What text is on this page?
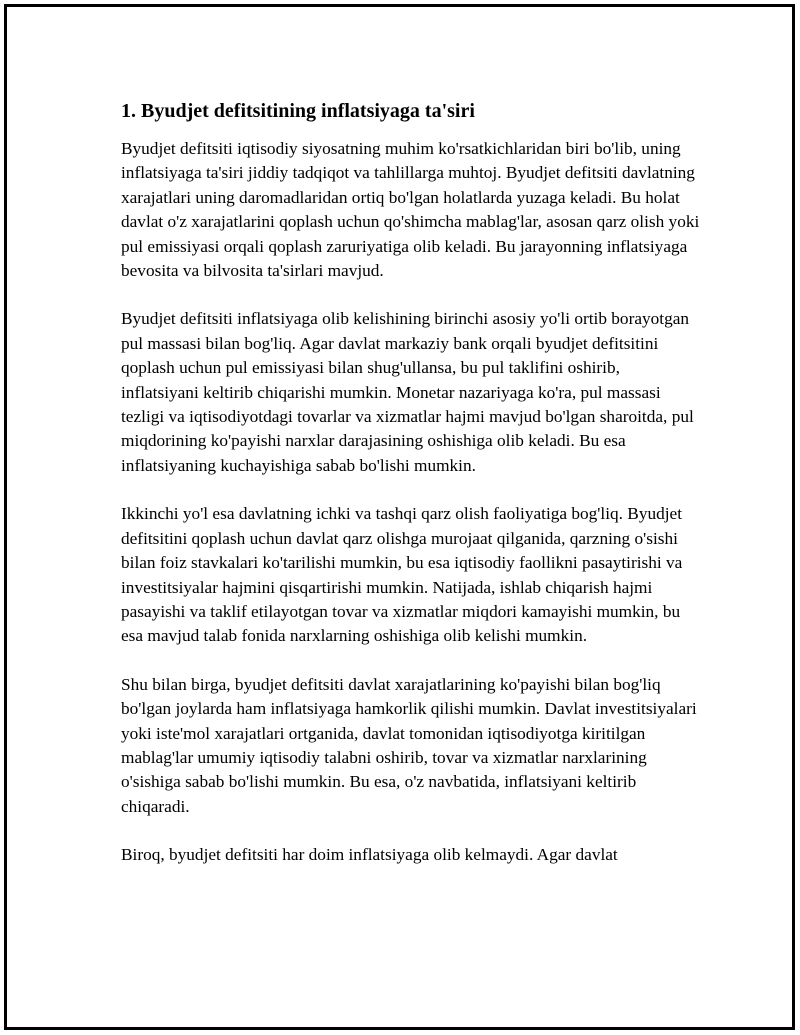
1. Byudjet defitsitining inflatsiyaga ta'siri

Byudjet defitsiti iqtisodiy siyosatning muhim ko'rsatkichlaridan biri bo'lib, uning inflatsiyaga ta'siri jiddiy tadqiqot va tahlillarga muhtoj. Byudjet defitsiti davlatning xarajatlari uning daromadlaridan ortiq bo'lgan holatlarda yuzaga keladi. Bu holat davlat o'z xarajatlarini qoplash uchun qo'shimcha mablag'lar, asosan qarz olish yoki pul emissiyasi orqali qoplash zaruriyatiga olib keladi. Bu jarayonning inflatsiyaga bevosita va bilvosita ta'sirlari mavjud.

Byudjet defitsiti inflatsiyaga olib kelishining birinchi asosiy yo'li ortib borayotgan pul massasi bilan bog'liq. Agar davlat markaziy bank orqali byudjet defitsitini qoplash uchun pul emissiyasi bilan shug'ullansa, bu pul taklifini oshirib, inflatsiyani keltirib chiqarishi mumkin. Monetar nazariyaga ko'ra, pul massasi tezligi va iqtisodiyotdagi tovarlar va xizmatlar hajmi mavjud bo'lgan sharoitda, pul miqdorining ko'payishi narxlar darajasining oshishiga olib keladi. Bu esa inflatsiyaning kuchayishiga sabab bo'lishi mumkin.

Ikkinchi yo'l esa davlatning ichki va tashqi qarz olish faoliyatiga bog'liq. Byudjet defitsitini qoplash uchun davlat qarz olishga murojaat qilganida, qarzning o'sishi bilan foiz stavkalari ko'tarilishi mumkin, bu esa iqtisodiy faollikni pasaytirishi va investitsiyalar hajmini qisqartirishi mumkin. Natijada, ishlab chiqarish hajmi pasayishi va taklif etilayotgan tovar va xizmatlar miqdori kamayishi mumkin, bu esa mavjud talab fonida narxlarning oshishiga olib kelishi mumkin.

Shu bilan birga, byudjet defitsiti davlat xarajatlarining ko'payishi bilan bog'liq bo'lgan joylarda ham inflatsiyaga hamkorlik qilishi mumkin. Davlat investitsiyalari yoki iste'mol xarajatlari ortganida, davlat tomonidan iqtisodiyotga kiritilgan mablag'lar umumiy iqtisodiy talabni oshirib, tovar va xizmatlar narxlarining o'sishiga sabab bo'lishi mumkin. Bu esa, o'z navbatida, inflatsiyani keltirib chiqaradi.

Biroq, byudjet defitsiti har doim inflatsiyaga olib kelmaydi. Agar davlat
